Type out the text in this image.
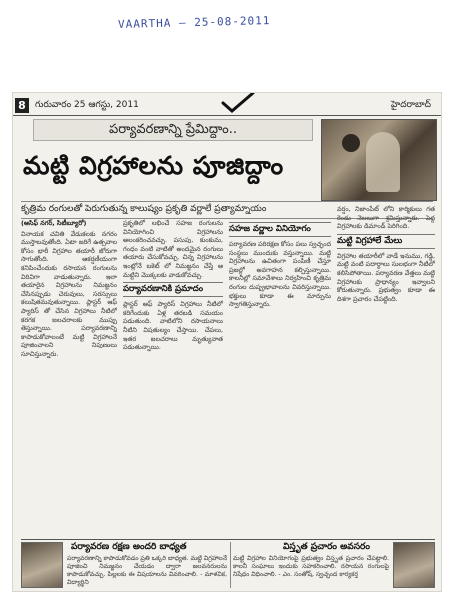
VAARTHA — 25-08-2011
8	గురువారం 25 ఆగస్టు, 2011	హైదరాబాద్
పర్యావరణాన్ని ప్రేమిద్దాం..
మట్టి విగ్రహాలను పూజిద్దాం
కృత్రిమ రంగులతో పెరుగుతున్న కాలుష్యం ప్రకృతి వర్ణాలే ప్రత్యామ్నాయం

(ఆసిఫ్ నగర్, సిటీబ్యూరో)

వినాయక చవితి వేడుకలకు నగరం ముస్తాబవుతోంది. ఏటా జరిగే ఉత్సవాల కోసం భారీ విగ్రహాల తయారీ జోరుగా సాగుతోంది. ఆకర్షణీయంగా కనిపించేందుకు రసాయన రంగులను విరివిగా వాడుతున్నారు. ఇలా తయారైన విగ్రహాలను నిమజ్జనం చేసినప్పుడు చెరువులు, సరస్సులు కలుషితమవుతున్నాయి. ప్లాస్టర్ ఆఫ్ ప్యారిస్ తో చేసిన విగ్రహాలు నీటిలో కరగక జలచరాలకు ముప్పు తెస్తున్నాయి. పర్యావరణాన్ని కాపాడుకోవాలంటే మట్టి విగ్రహాలనే పూజించాలని నిపుణులు సూచిస్తున్నారు.

ప్రకృతిలో లభించే సహజ రంగులను వినియోగించి విగ్రహాలను అలంకరించవచ్చు. పసుపు, కుంకుమ, గంధం వంటి వాటితో అందమైన రంగులు తయారు చేసుకోవచ్చు. చిన్న విగ్రహాలను ఇంట్లోనే బకెట్ లో నిమజ్జనం చేస్తే ఆ మట్టిని మొక్కలకు వాడుకోవచ్చు.

పర్యావరణానికి ప్రమాదం

ప్లాస్టర్ ఆఫ్ ప్యారిస్ విగ్రహాలు నీటిలో కరిగేందుకు ఏళ్ల తరబడి సమయం పడుతుంది. వాటిలోని రసాయనాలు నీటిని విషతుల్యం చేస్తాయి. చేపలు, ఇతర జలచరాలు మృత్యువాత పడుతున్నాయి.

సహజ వర్ణాల వినియోగం

పర్యావరణ పరిరక్షణ కోసం పలు స్వచ్ఛంద సంస్థలు ముందుకు వస్తున్నాయి. మట్టి విగ్రహాలను ఉచితంగా పంపిణీ చేస్తూ ప్రజల్లో అవగాహన కల్పిస్తున్నాయి. కాలనీల్లో సమావేశాలు నిర్వహించి కృత్రిమ రంగుల దుష్ప్రభావాలను వివరిస్తున్నాయి. భక్తులు కూడా ఈ మార్పును స్వాగతిస్తున్నారు.

వర్షం, నిజాంపేట్ లోని కార్మికులు గత రెండు నెలలుగా శ్రమిస్తున్నారు. పెద్ద విగ్రహాలకు డిమాండ్ పెరిగింది.

మట్టి విగ్రహాలే మేలు

విగ్రహాల తయారీలో వాడే ఇనుము, గడ్డి, మట్టి వంటి పదార్థాలు సులభంగా నీటిలో కలిసిపోతాయి. పర్యావరణ వేత్తలు మట్టి విగ్రహాలకు ప్రాధాన్యం ఇవ్వాలని కోరుతున్నారు. ప్రభుత్వం కూడా ఈ దిశగా ప్రచారం చేపట్టింది.

పర్యావరణ రక్షణ అందరి బాధ్యత
పర్యావరణాన్ని కాపాడుకోవడం ప్రతి ఒక్కరి బాధ్యత. మట్టి విగ్రహాలనే పూజించి నిమజ్జనం చేయడం ద్వారా జలవనరులను కాపాడుకోవచ్చు. పిల్లలకు ఈ విషయాలను వివరించాలి. - మాళవిక, విద్యార్థిని
విస్తృత ప్రచారం అవసరం
మట్టి విగ్రహాల వినియోగంపై ప్రభుత్వం విస్తృత ప్రచారం చేపట్టాలి. కాలనీ సంఘాలు ఇందుకు సహకరించాలి. రసాయన రంగులపై నిషేధం విధించాలి. - ఎం. సంతోష్, స్వచ్ఛంద కార్యకర్త
